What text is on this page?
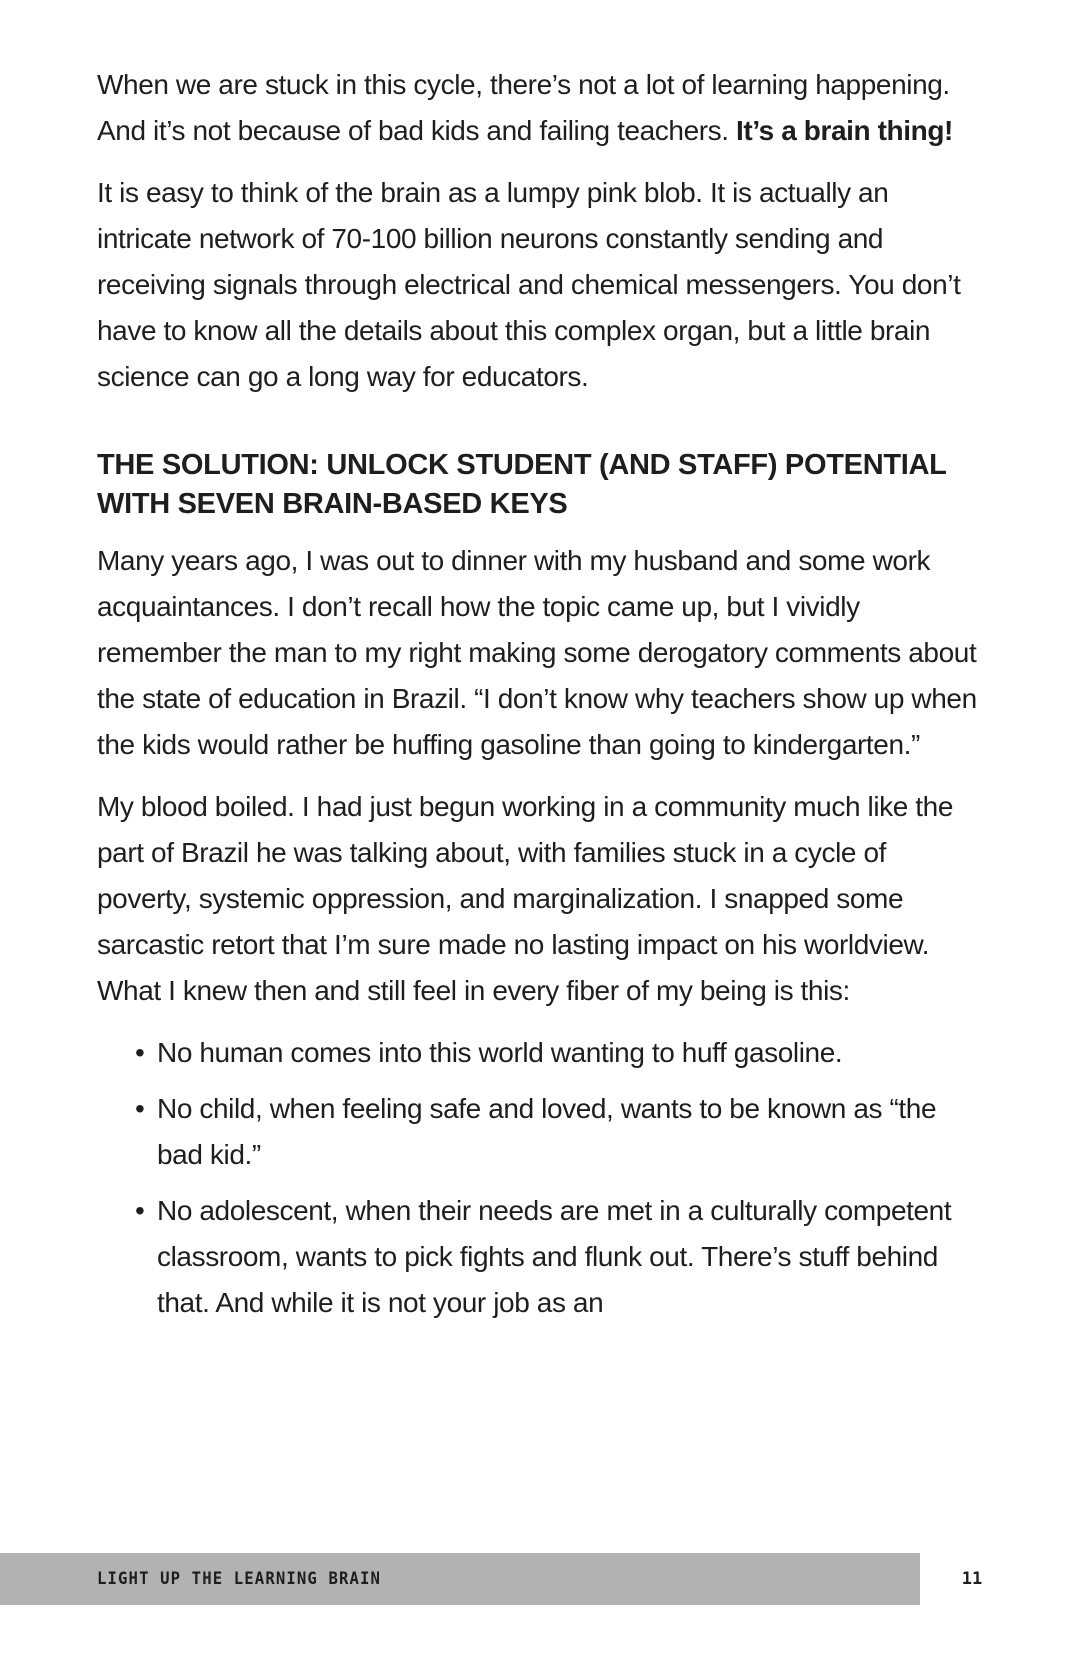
When we are stuck in this cycle, there’s not a lot of learning happening. And it’s not because of bad kids and failing teachers. It’s a brain thing!

It is easy to think of the brain as a lumpy pink blob. It is actually an intricate network of 70-100 billion neurons constantly sending and receiving signals through electrical and chemical messengers. You don’t have to know all the details about this complex organ, but a little brain science can go a long way for educators.

THE SOLUTION: UNLOCK STUDENT (AND STAFF) POTENTIAL WITH SEVEN BRAIN-BASED KEYS

Many years ago, I was out to dinner with my husband and some work acquaintances. I don’t recall how the topic came up, but I vividly remember the man to my right making some derogatory comments about the state of education in Brazil. “I don’t know why teachers show up when the kids would rather be huffing gasoline than going to kindergarten.”

My blood boiled. I had just begun working in a community much like the part of Brazil he was talking about, with families stuck in a cycle of poverty, systemic oppression, and marginalization. I snapped some sarcastic retort that I’m sure made no lasting impact on his worldview. What I knew then and still feel in every fiber of my being is this:

• No human comes into this world wanting to huff gasoline.
• No child, when feeling safe and loved, wants to be known as “the bad kid.”
• No adolescent, when their needs are met in a culturally competent classroom, wants to pick fights and flunk out. There’s stuff behind that. And while it is not your job as an
LIGHT UP THE LEARNING BRAIN	11
